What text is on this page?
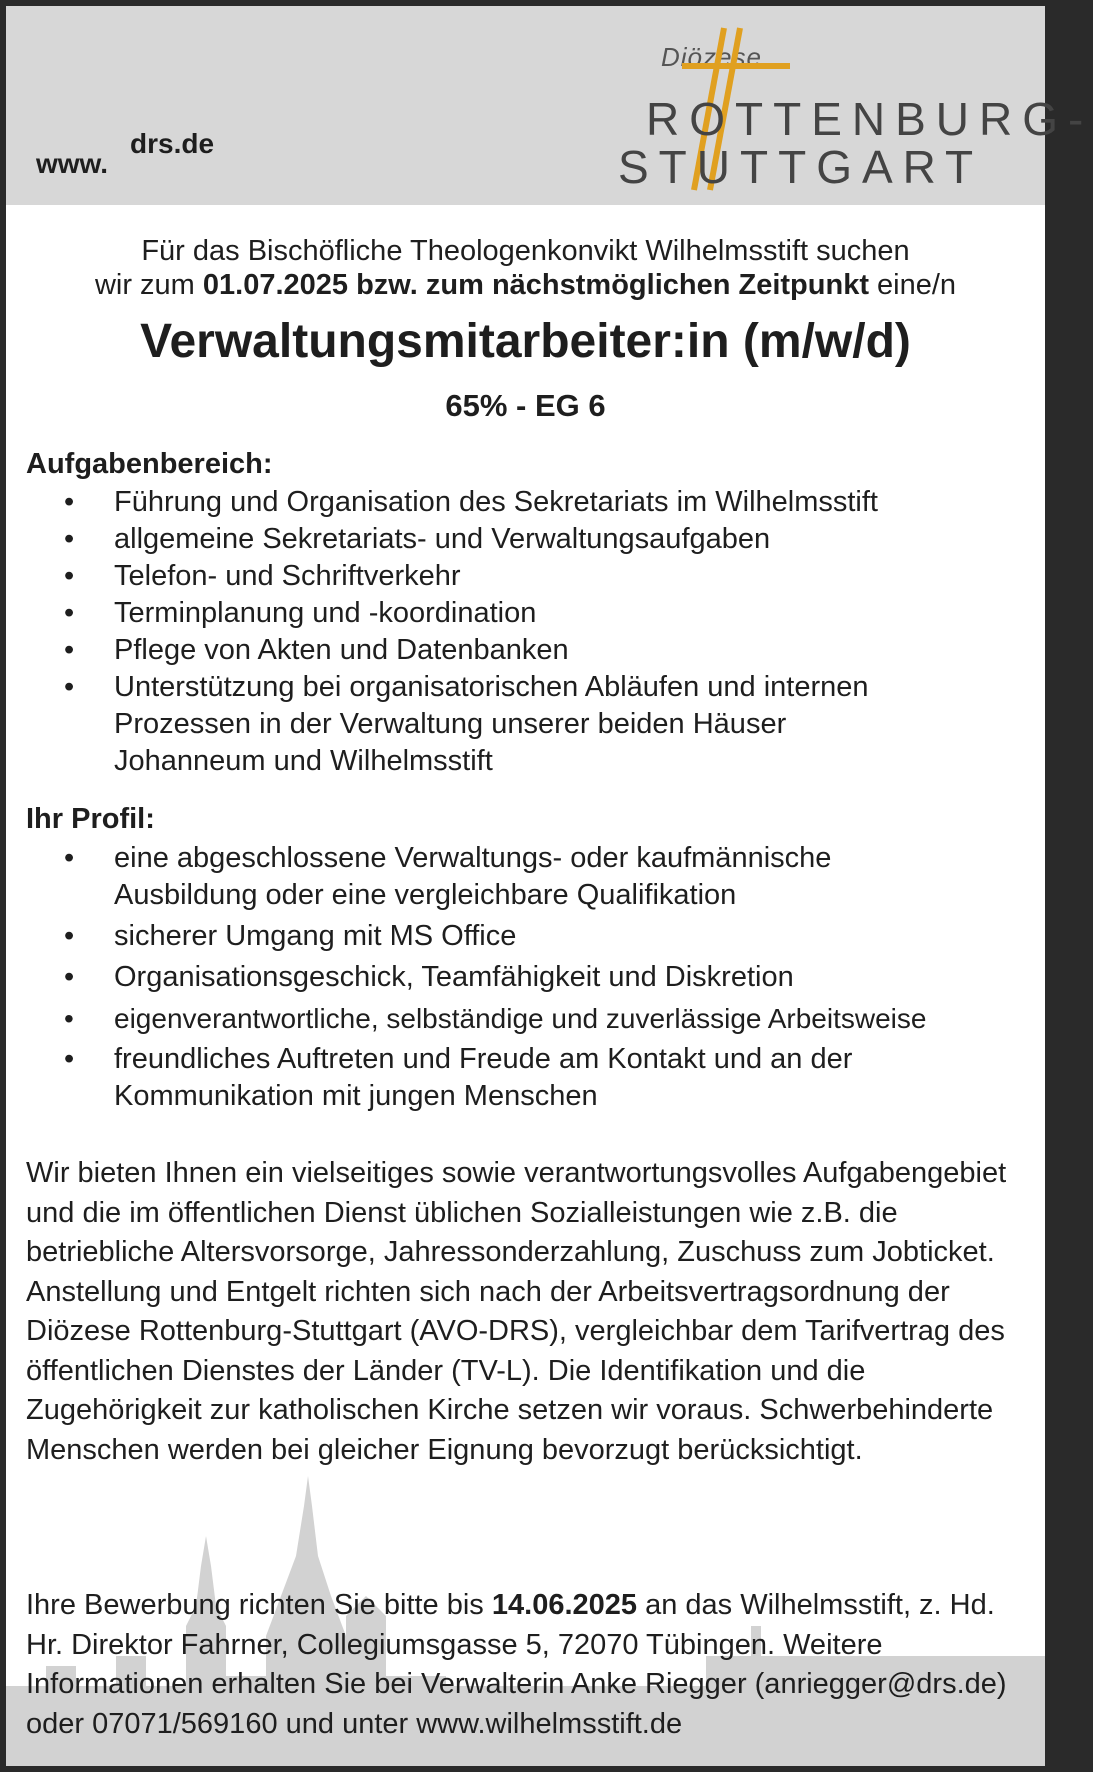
www.
drs.de
Diözese
ROTTENBURG-
STUTTGART
Für das Bischöfliche Theologenkonvikt Wilhelmsstift suchen
wir zum 01.07.2025 bzw. zum nächstmöglichen Zeitpunkt eine/n
Verwaltungsmitarbeiter:in (m/w/d)
65% - EG 6
Aufgabenbereich:
• Führung und Organisation des Sekretariats im Wilhelmsstift
• allgemeine Sekretariats- und Verwaltungsaufgaben
• Telefon- und Schriftverkehr
• Terminplanung und -koordination
• Pflege von Akten und Datenbanken
• Unterstützung bei organisatorischen Abläufen und internen Prozessen in der Verwaltung unserer beiden Häuser Johanneum und Wilhelmsstift
Ihr Profil:
• eine abgeschlossene Verwaltungs- oder kaufmännische Ausbildung oder eine vergleichbare Qualifikation
• sicherer Umgang mit MS Office
• Organisationsgeschick, Teamfähigkeit und Diskretion
• eigenverantwortliche, selbständige und zuverlässige Arbeitsweise
• freundliches Auftreten und Freude am Kontakt und an der Kommunikation mit jungen Menschen
Wir bieten Ihnen ein vielseitiges sowie verantwortungsvolles Aufgabengebiet und die im öffentlichen Dienst üblichen Sozialleistungen wie z.B. die betriebliche Altersvorsorge, Jahressonderzahlung, Zuschuss zum Jobticket. Anstellung und Entgelt richten sich nach der Arbeitsvertragsordnung der Diözese Rottenburg-Stuttgart (AVO-DRS), vergleichbar dem Tarifvertrag des öffentlichen Dienstes der Länder (TV-L). Die Identifikation und die Zugehörigkeit zur katholischen Kirche setzen wir voraus. Schwerbehinderte Menschen werden bei gleicher Eignung bevorzugt berücksichtigt.
Ihre Bewerbung richten Sie bitte bis 14.06.2025 an das Wilhelmsstift, z. Hd. Hr. Direktor Fahrner, Collegiumsgasse 5, 72070 Tübingen. Weitere Informationen erhalten Sie bei Verwalterin Anke Riegger (anriegger@drs.de) oder 07071/569160 und unter www.wilhelmsstift.de
